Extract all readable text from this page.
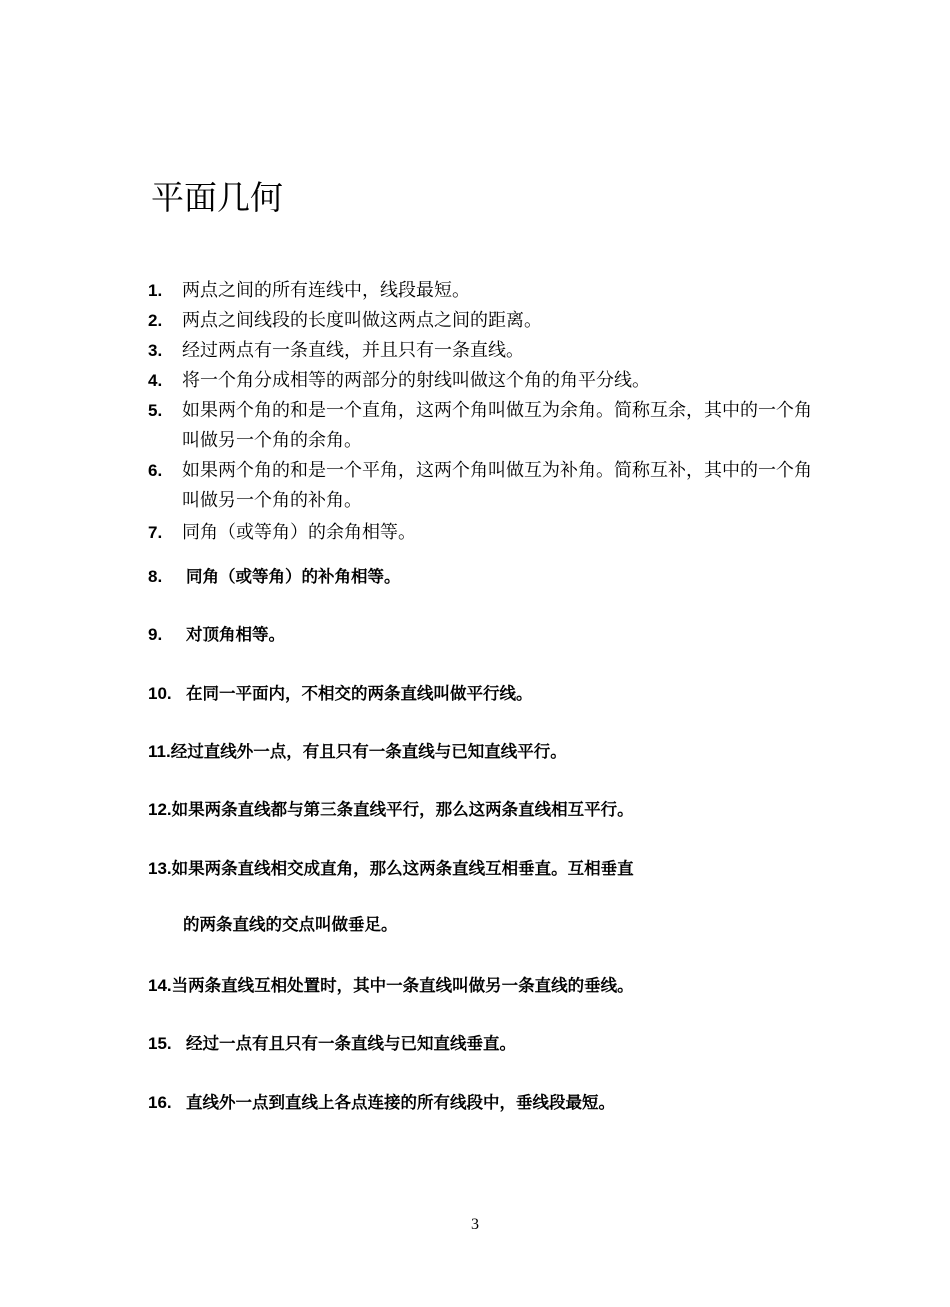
平面几何
1. 两点之间的所有连线中，线段最短。
2. 两点之间线段的长度叫做这两点之间的距离。
3. 经过两点有一条直线，并且只有一条直线。
4. 将一个角分成相等的两部分的射线叫做这个角的角平分线。
5. 如果两个角的和是一个直角，这两个角叫做互为余角。简称互余，其中的一个角叫做另一个角的余角。
6. 如果两个角的和是一个平角，这两个角叫做互为补角。简称互补，其中的一个角叫做另一个角的补角。
7. 同角（或等角）的余角相等。
8. 同角（或等角）的补角相等。
9. 对顶角相等。
10. 在同一平面内，不相交的两条直线叫做平行线。
11.经过直线外一点，有且只有一条直线与已知直线平行。
12.如果两条直线都与第三条直线平行，那么这两条直线相互平行。
13.如果两条直线相交成直角，那么这两条直线互相垂直。互相垂直
的两条直线的交点叫做垂足。
14.当两条直线互相处置时，其中一条直线叫做另一条直线的垂线。
15. 经过一点有且只有一条直线与已知直线垂直。
16. 直线外一点到直线上各点连接的所有线段中，垂线段最短。
3
